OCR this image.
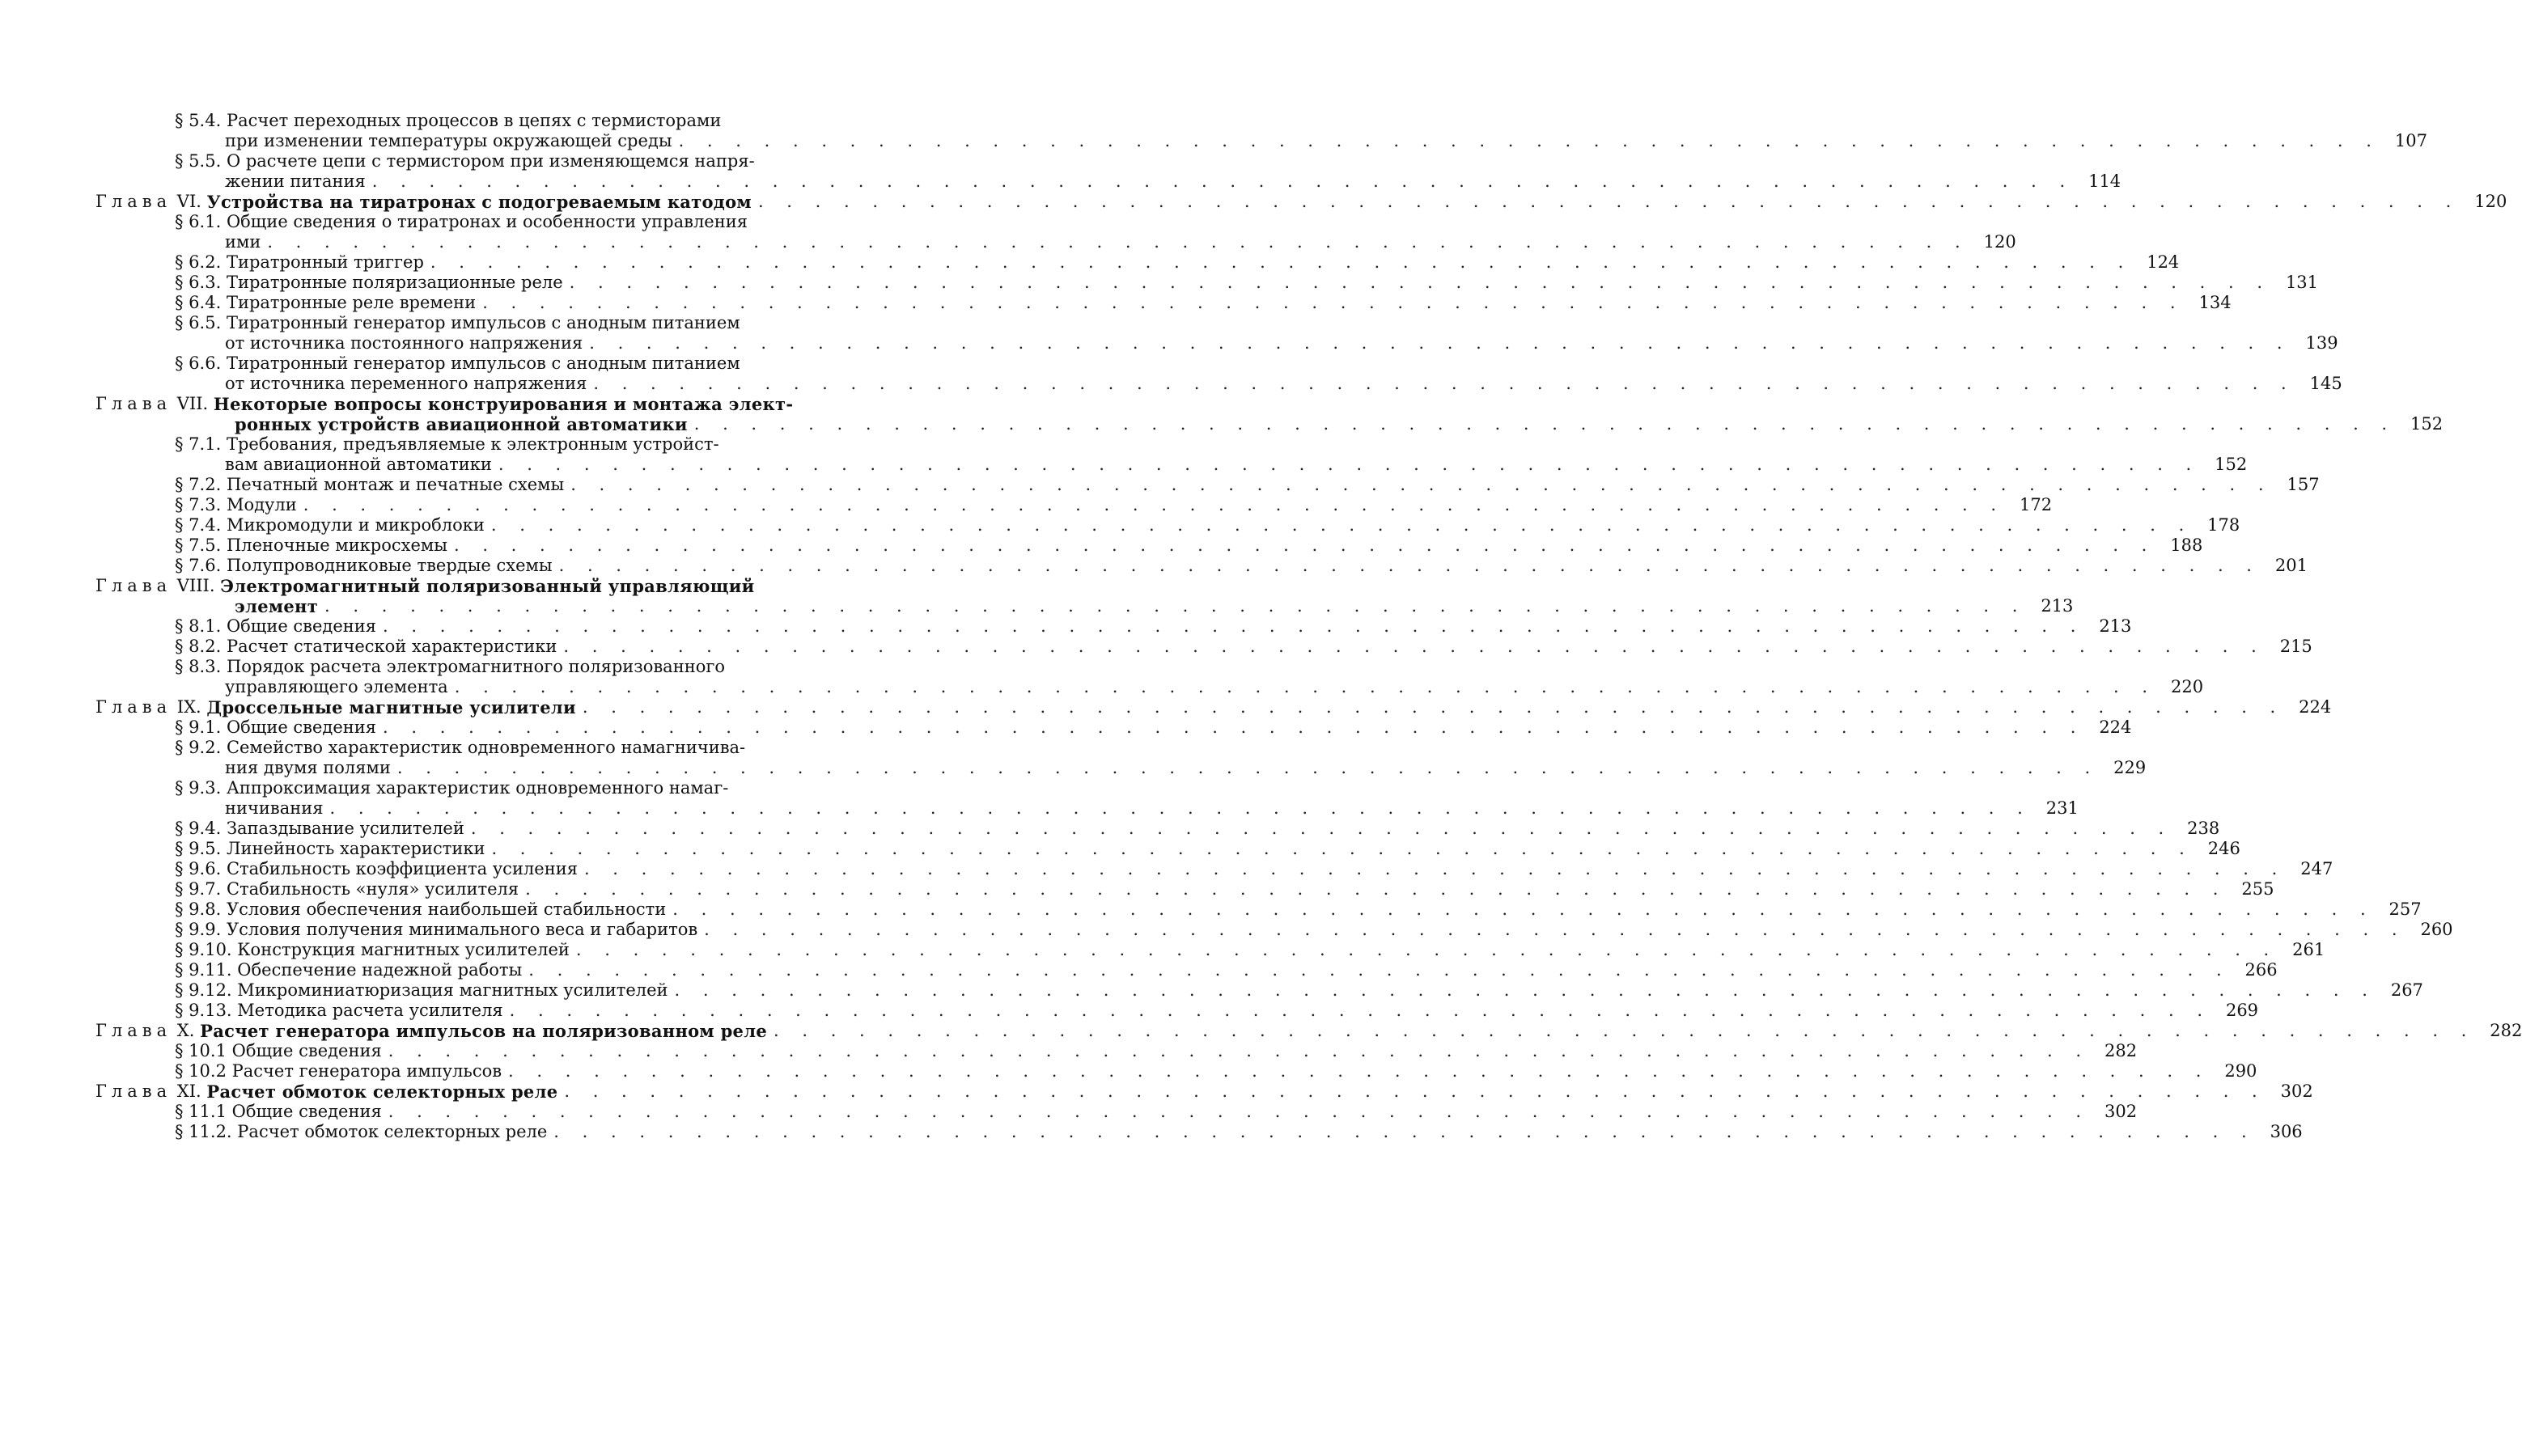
§ 5.4.
Расчет переходных процессов в цепях с термисторами
при изменении температуры окружающей среды . . . . . . . . . . . . . . . . . . . . . . . . . . . . . . . . . . . . . . . . . . . . . . . . . . . . . . . . . . . . 107
§ 5.5.
О расчете цепи с термистором при изменяющемся напря-
жении питания . . . . . . . . . . . . . . . . . . . . . . . . . . . . . . . . . . . . . . . . . . . . . . . . . . . . . . . . . . . . 114
Глава
VI.
Устройства на тиратронах с подогреваемым катодом . . . . . . . . . . . . . . . . . . . . . . . . . . . . . . . . . . . . . . . . . . . . . . . . . . . . . . . . . . . . 120
§ 6.1.
Общие сведения о тиратронах и особенности управления
ими . . . . . . . . . . . . . . . . . . . . . . . . . . . . . . . . . . . . . . . . . . . . . . . . . . . . . . . . . . . . 120
§ 6.2.
Тиратронный триггер . . . . . . . . . . . . . . . . . . . . . . . . . . . . . . . . . . . . . . . . . . . . . . . . . . . . . . . . . . . . 124
§ 6.3.
Тиратронные поляризационные реле . . . . . . . . . . . . . . . . . . . . . . . . . . . . . . . . . . . . . . . . . . . . . . . . . . . . . . . . . . . . 131
§ 6.4.
Тиратронные реле времени . . . . . . . . . . . . . . . . . . . . . . . . . . . . . . . . . . . . . . . . . . . . . . . . . . . . . . . . . . . . 134
§ 6.5.
Тиратронный генератор импульсов с анодным питанием
от источника постоянного напряжения . . . . . . . . . . . . . . . . . . . . . . . . . . . . . . . . . . . . . . . . . . . . . . . . . . . . . . . . . . . . 139
§ 6.6.
Тиратронный генератор импульсов с анодным питанием
от источника переменного напряжения . . . . . . . . . . . . . . . . . . . . . . . . . . . . . . . . . . . . . . . . . . . . . . . . . . . . . . . . . . . . 145
Глава
VII.
Некоторые вопросы конструирования и монтажа элект-
ронных устройств авиационной автоматики . . . . . . . . . . . . . . . . . . . . . . . . . . . . . . . . . . . . . . . . . . . . . . . . . . . . . . . . . . . . 152
§ 7.1.
Требования, предъявляемые к электронным устройст-
вам авиационной автоматики . . . . . . . . . . . . . . . . . . . . . . . . . . . . . . . . . . . . . . . . . . . . . . . . . . . . . . . . . . . . 152
§ 7.2.
Печатный монтаж и печатные схемы . . . . . . . . . . . . . . . . . . . . . . . . . . . . . . . . . . . . . . . . . . . . . . . . . . . . . . . . . . . . 157
§ 7.3.
Модули . . . . . . . . . . . . . . . . . . . . . . . . . . . . . . . . . . . . . . . . . . . . . . . . . . . . . . . . . . . . 172
§ 7.4.
Микромодули и микроблоки . . . . . . . . . . . . . . . . . . . . . . . . . . . . . . . . . . . . . . . . . . . . . . . . . . . . . . . . . . . . 178
§ 7.5.
Пленочные микросхемы . . . . . . . . . . . . . . . . . . . . . . . . . . . . . . . . . . . . . . . . . . . . . . . . . . . . . . . . . . . . 188
§ 7.6.
Полупроводниковые твердые схемы . . . . . . . . . . . . . . . . . . . . . . . . . . . . . . . . . . . . . . . . . . . . . . . . . . . . . . . . . . . . 201
Глава
VIII.
Электромагнитный поляризованный управляющий
элемент . . . . . . . . . . . . . . . . . . . . . . . . . . . . . . . . . . . . . . . . . . . . . . . . . . . . . . . . . . . . 213
§ 8.1.
Общие сведения . . . . . . . . . . . . . . . . . . . . . . . . . . . . . . . . . . . . . . . . . . . . . . . . . . . . . . . . . . . . 213
§ 8.2.
Расчет статической характеристики . . . . . . . . . . . . . . . . . . . . . . . . . . . . . . . . . . . . . . . . . . . . . . . . . . . . . . . . . . . . 215
§ 8.3.
Порядок расчета электромагнитного поляризованного
управляющего элемента . . . . . . . . . . . . . . . . . . . . . . . . . . . . . . . . . . . . . . . . . . . . . . . . . . . . . . . . . . . . 220
Глава
IX.
Дроссельные магнитные усилители . . . . . . . . . . . . . . . . . . . . . . . . . . . . . . . . . . . . . . . . . . . . . . . . . . . . . . . . . . . . 224
§ 9.1.
Общие сведения . . . . . . . . . . . . . . . . . . . . . . . . . . . . . . . . . . . . . . . . . . . . . . . . . . . . . . . . . . . . 224
§ 9.2.
Семейство характеристик одновременного намагничива-
ния двумя полями . . . . . . . . . . . . . . . . . . . . . . . . . . . . . . . . . . . . . . . . . . . . . . . . . . . . . . . . . . . . 229
§ 9.3.
Аппроксимация характеристик одновременного намаг-
ничивания . . . . . . . . . . . . . . . . . . . . . . . . . . . . . . . . . . . . . . . . . . . . . . . . . . . . . . . . . . . . 231
§ 9.4.
Запаздывание усилителей . . . . . . . . . . . . . . . . . . . . . . . . . . . . . . . . . . . . . . . . . . . . . . . . . . . . . . . . . . . . 238
§ 9.5.
Линейность характеристики . . . . . . . . . . . . . . . . . . . . . . . . . . . . . . . . . . . . . . . . . . . . . . . . . . . . . . . . . . . . 246
§ 9.6.
Стабильность коэффициента усиления . . . . . . . . . . . . . . . . . . . . . . . . . . . . . . . . . . . . . . . . . . . . . . . . . . . . . . . . . . . . 247
§ 9.7.
Стабильность «нуля» усилителя . . . . . . . . . . . . . . . . . . . . . . . . . . . . . . . . . . . . . . . . . . . . . . . . . . . . . . . . . . . . 255
§ 9.8.
Условия обеспечения наибольшей стабильности . . . . . . . . . . . . . . . . . . . . . . . . . . . . . . . . . . . . . . . . . . . . . . . . . . . . . . . . . . . . 257
§ 9.9.
Условия получения минимального веса и габаритов . . . . . . . . . . . . . . . . . . . . . . . . . . . . . . . . . . . . . . . . . . . . . . . . . . . . . . . . . . . . 260
§ 9.10.
Конструкция магнитных усилителей . . . . . . . . . . . . . . . . . . . . . . . . . . . . . . . . . . . . . . . . . . . . . . . . . . . . . . . . . . . . 261
§ 9.11.
Обеспечение надежной работы . . . . . . . . . . . . . . . . . . . . . . . . . . . . . . . . . . . . . . . . . . . . . . . . . . . . . . . . . . . . 266
§ 9.12.
Микроминиатюризация магнитных усилителей . . . . . . . . . . . . . . . . . . . . . . . . . . . . . . . . . . . . . . . . . . . . . . . . . . . . . . . . . . . . 267
§ 9.13.
Методика расчета усилителя . . . . . . . . . . . . . . . . . . . . . . . . . . . . . . . . . . . . . . . . . . . . . . . . . . . . . . . . . . . . 269
Глава
X.
Расчет генератора импульсов на поляризованном реле . . . . . . . . . . . . . . . . . . . . . . . . . . . . . . . . . . . . . . . . . . . . . . . . . . . . . . . . . . . . 282
§ 10.1
Общие сведения . . . . . . . . . . . . . . . . . . . . . . . . . . . . . . . . . . . . . . . . . . . . . . . . . . . . . . . . . . . . 282
§ 10.2
Расчет генератора импульсов . . . . . . . . . . . . . . . . . . . . . . . . . . . . . . . . . . . . . . . . . . . . . . . . . . . . . . . . . . . . 290
Глава
XI.
Расчет обмоток селекторных реле . . . . . . . . . . . . . . . . . . . . . . . . . . . . . . . . . . . . . . . . . . . . . . . . . . . . . . . . . . . . 302
§ 11.1
Общие сведения . . . . . . . . . . . . . . . . . . . . . . . . . . . . . . . . . . . . . . . . . . . . . . . . . . . . . . . . . . . . 302
§ 11.2.
Расчет обмоток селекторных реле . . . . . . . . . . . . . . . . . . . . . . . . . . . . . . . . . . . . . . . . . . . . . . . . . . . . . . . . . . . . 306
